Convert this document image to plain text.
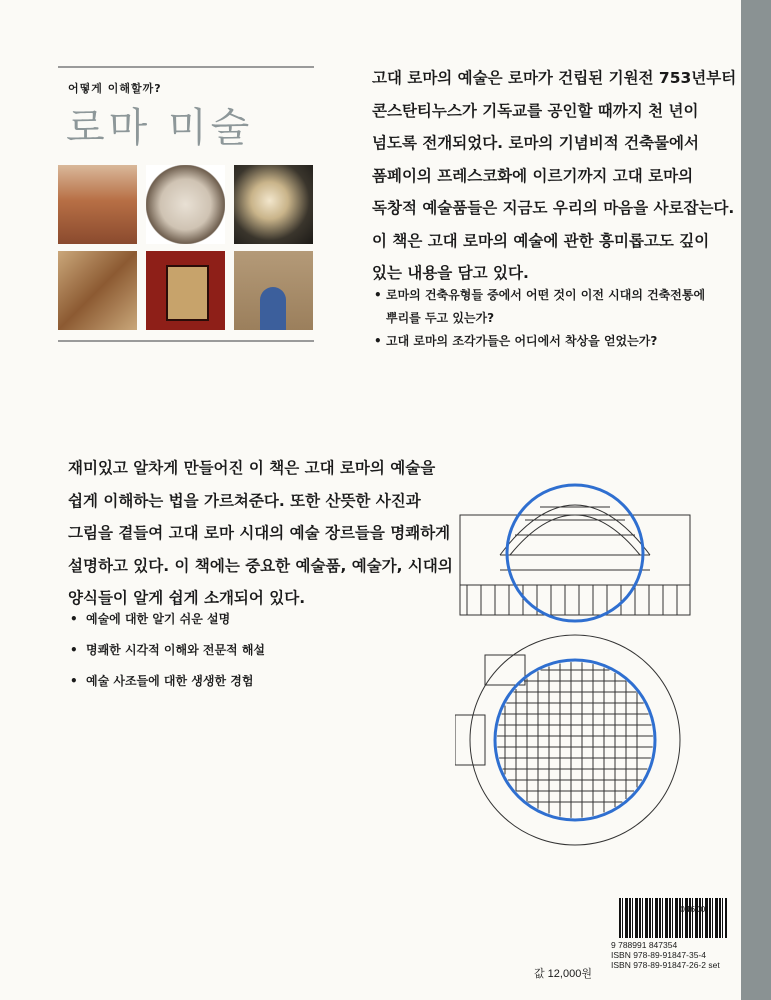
어떻게 이해할까?
로마 미술
고대 로마의 예술은 로마가 건립된 기원전 753년부터
콘스탄티누스가 기독교를 공인할 때까지 천 년이
넘도록 전개되었다. 로마의 기념비적 건축물에서
폼페이의 프레스코화에 이르기까지 고대 로마의
독창적 예술품들은 지금도 우리의 마음을 사로잡는다.
이 책은 고대 로마의 예술에 관한 흥미롭고도 깊이
있는 내용을 담고 있다.
• 로마의 건축유형들 중에서 어떤 것이 이전 시대의 건축전통에
뿌리를 두고 있는가?
• 고대 로마의 조각가들은 어디에서 착상을 얻었는가?
재미있고 알차게 만들어진 이 책은 고대 로마의 예술을
쉽게 이해하는 법을 가르쳐준다. 또한 산뜻한 사진과
그림을 곁들여 고대 로마 시대의 예술 장르들을 명쾌하게
설명하고 있다. 이 책에는 중요한 예술품, 예술가, 시대의
양식들이 알게 쉽게 소개되어 있다.
• 예술에 대한 알기 쉬운 설명
• 명쾌한 시각적 이해와 전문적 해설
• 예술 사조들에 대한 생생한 경험
04600
9 788991 847354
ISBN 978-89-91847-35-4
ISBN 978-89-91847-26-2 set
값 12,000원
